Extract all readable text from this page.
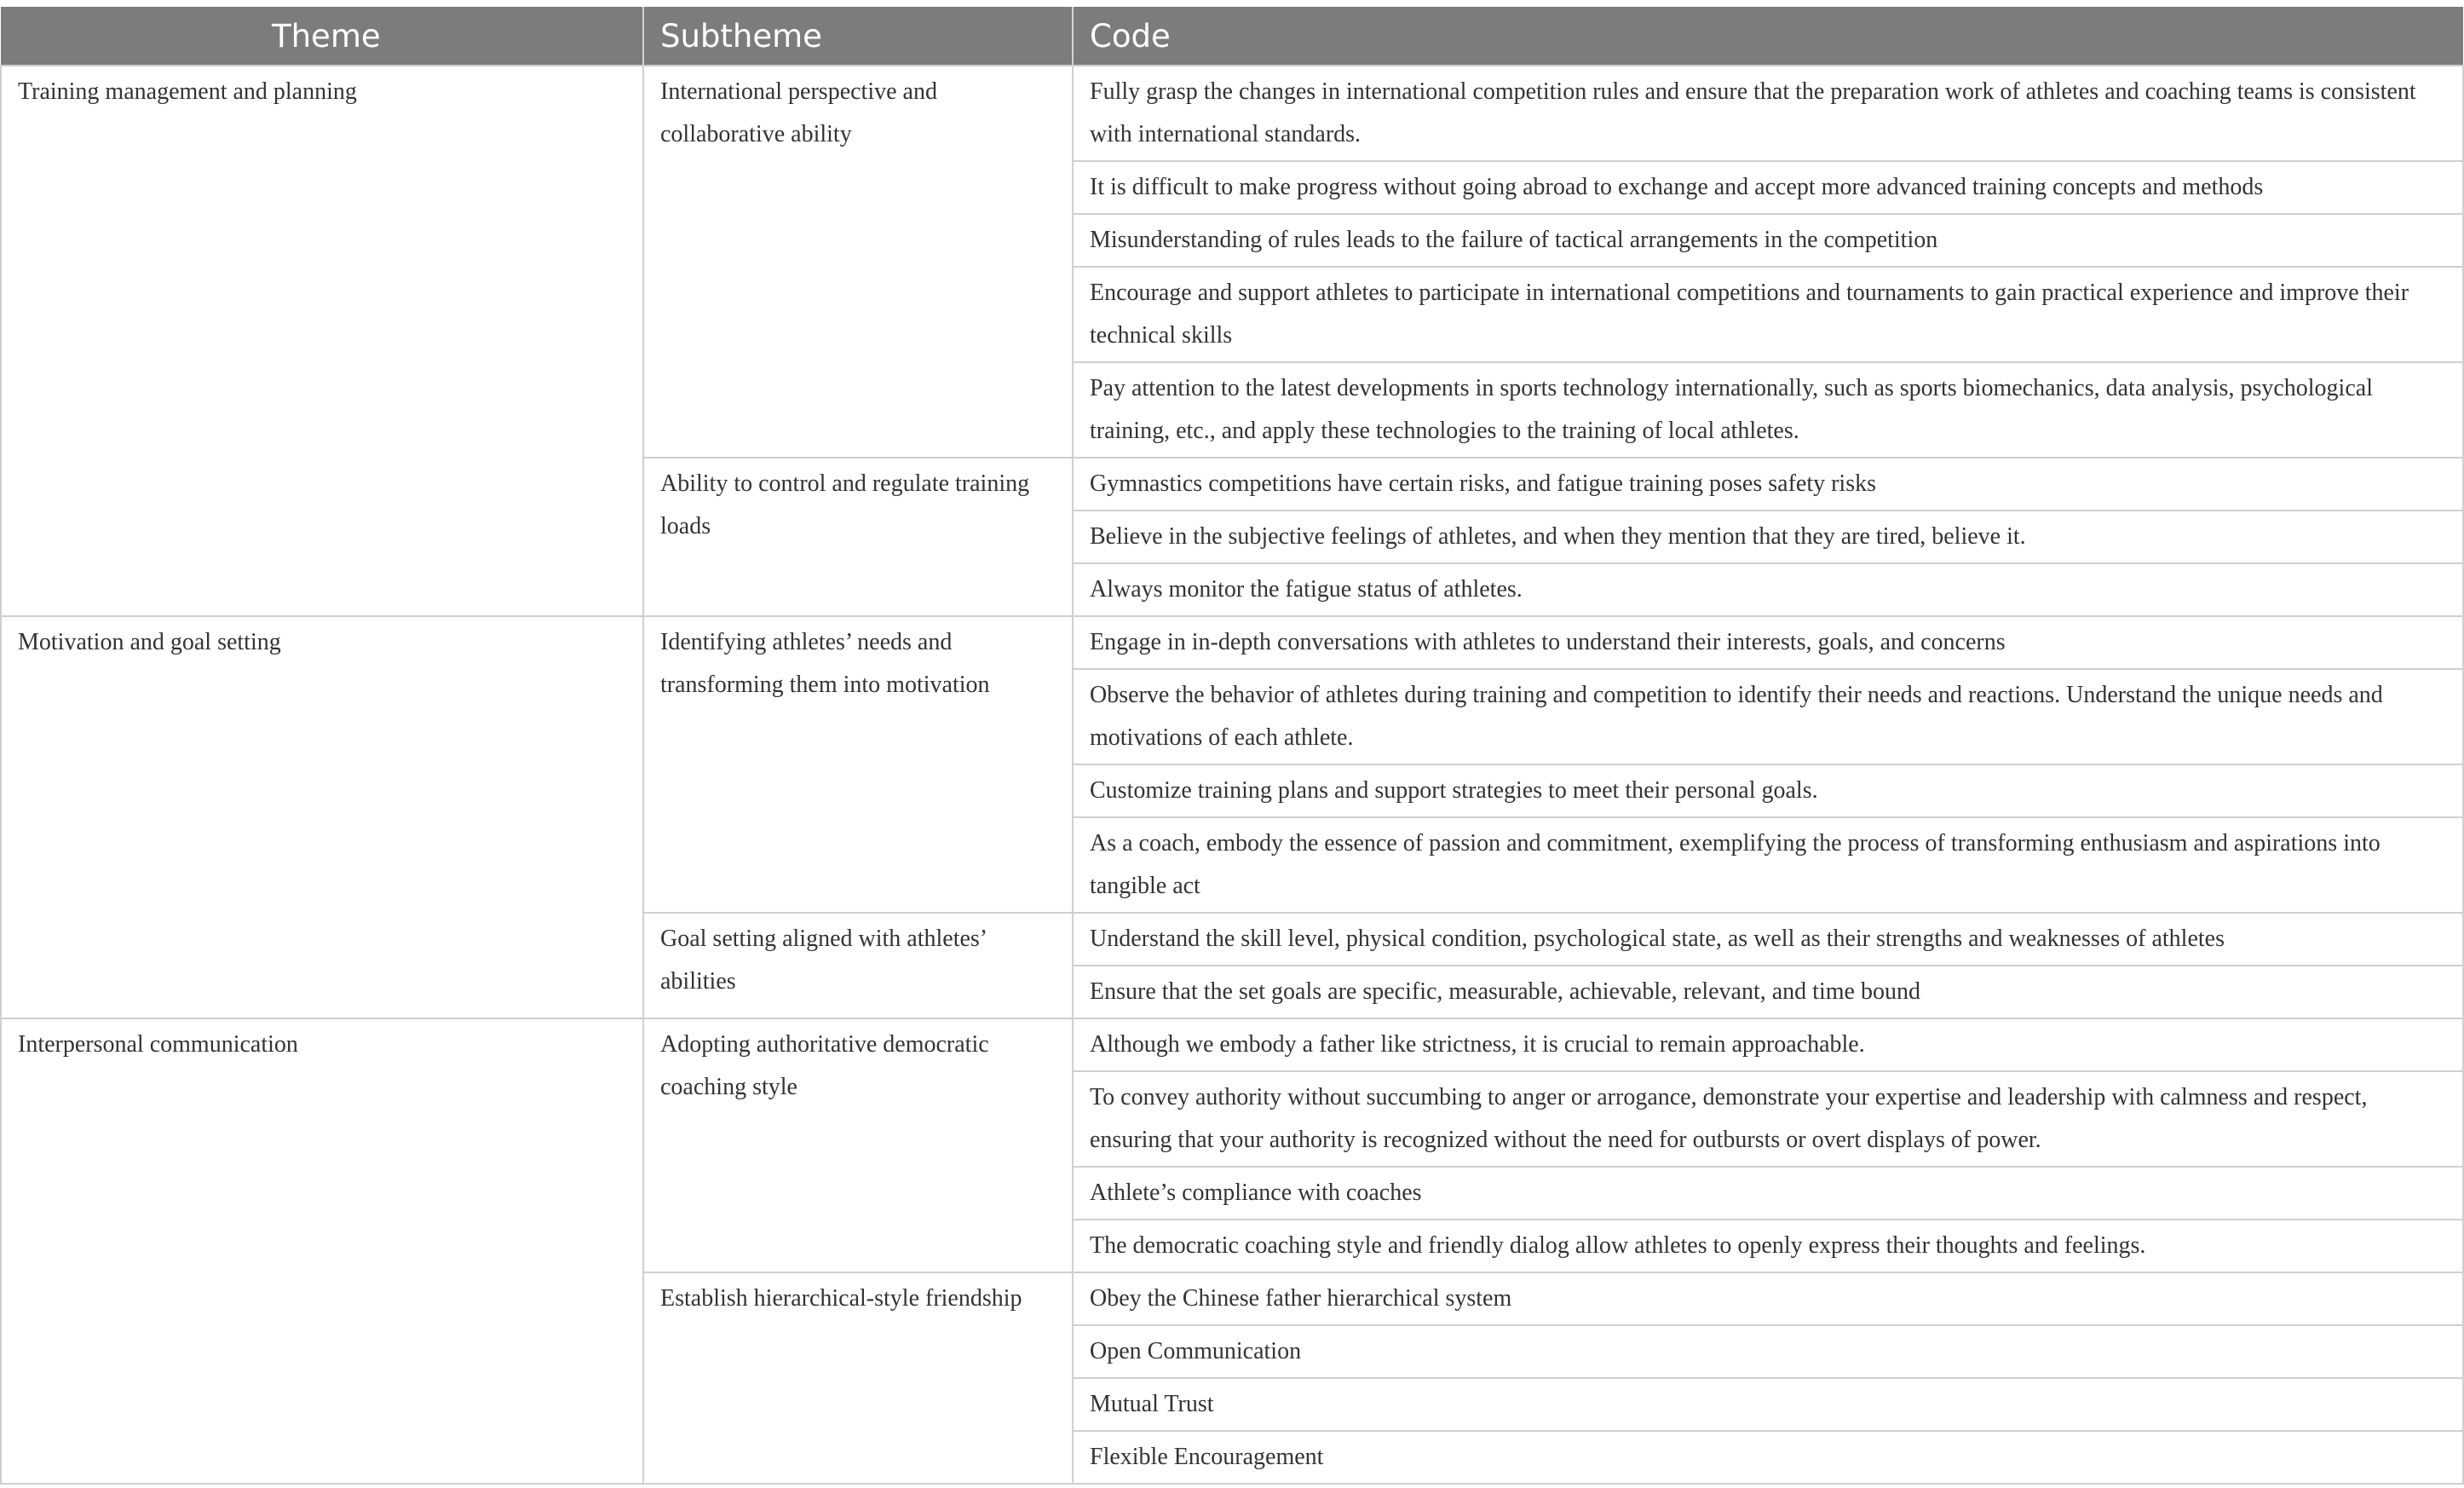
Theme	Subtheme	Code
Training management and planning	International perspective and collaborative ability	Fully grasp the changes in international competition rules and ensure that the preparation work of athletes and coaching teams is consistent with international standards.
		It is difficult to make progress without going abroad to exchange and accept more advanced training concepts and methods
		Misunderstanding of rules leads to the failure of tactical arrangements in the competition
		Encourage and support athletes to participate in international competitions and tournaments to gain practical experience and improve their technical skills
		Pay attention to the latest developments in sports technology internationally, such as sports biomechanics, data analysis, psychological training, etc., and apply these technologies to the training of local athletes.
	Ability to control and regulate training loads	Gymnastics competitions have certain risks, and fatigue training poses safety risks
		Believe in the subjective feelings of athletes, and when they mention that they are tired, believe it.
		Always monitor the fatigue status of athletes.
Motivation and goal setting	Identifying athletes’ needs and transforming them into motivation	Engage in in-depth conversations with athletes to understand their interests, goals, and concerns
		Observe the behavior of athletes during training and competition to identify their needs and reactions. Understand the unique needs and motivations of each athlete.
		Customize training plans and support strategies to meet their personal goals.
		As a coach, embody the essence of passion and commitment, exemplifying the process of transforming enthusiasm and aspirations into tangible act
	Goal setting aligned with athletes’ abilities	Understand the skill level, physical condition, psychological state, as well as their strengths and weaknesses of athletes
		Ensure that the set goals are specific, measurable, achievable, relevant, and time bound
Interpersonal communication	Adopting authoritative democratic coaching style	Although we embody a father like strictness, it is crucial to remain approachable.
		To convey authority without succumbing to anger or arrogance, demonstrate your expertise and leadership with calmness and respect, ensuring that your authority is recognized without the need for outbursts or overt displays of power.
		Athlete’s compliance with coaches
		The democratic coaching style and friendly dialog allow athletes to openly express their thoughts and feelings.
	Establish hierarchical-style friendship	Obey the Chinese father hierarchical system
		Open Communication
		Mutual Trust
		Flexible Encouragement
